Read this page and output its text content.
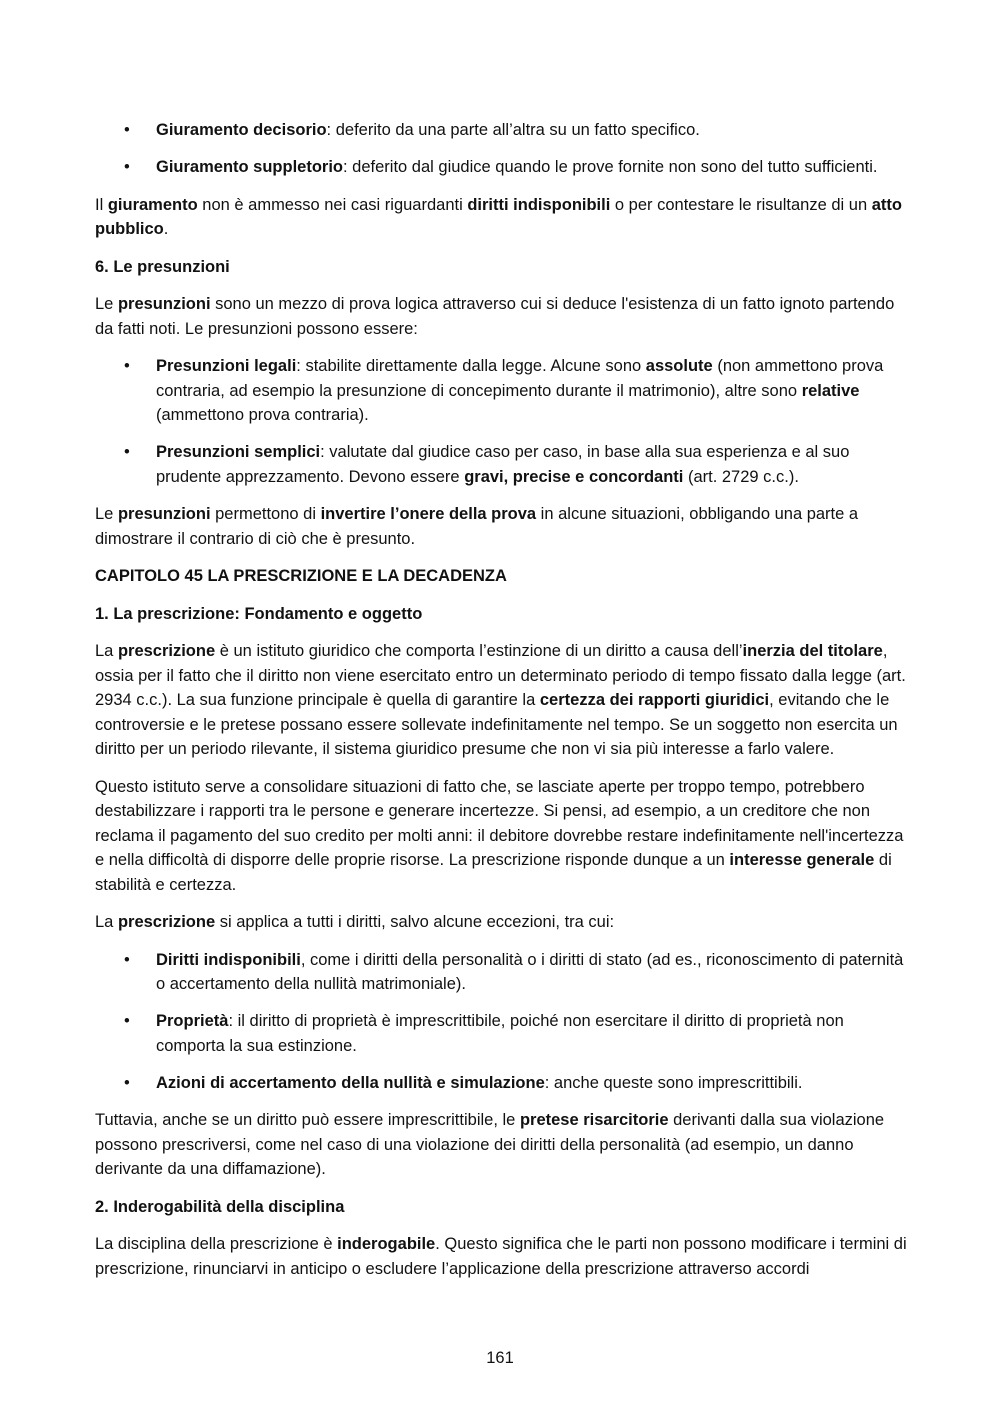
• Giuramento decisorio: deferito da una parte all’altra su un fatto specifico.
• Giuramento suppletorio: deferito dal giudice quando le prove fornite non sono del tutto sufficienti.

Il giuramento non è ammesso nei casi riguardanti diritti indisponibili o per contestare le risultanze di un atto pubblico.

6. Le presunzioni

Le presunzioni sono un mezzo di prova logica attraverso cui si deduce l'esistenza di un fatto ignoto partendo da fatti noti. Le presunzioni possono essere:

• Presunzioni legali: stabilite direttamente dalla legge. Alcune sono assolute (non ammettono prova contraria, ad esempio la presunzione di concepimento durante il matrimonio), altre sono relative (ammettono prova contraria).
• Presunzioni semplici: valutate dal giudice caso per caso, in base alla sua esperienza e al suo prudente apprezzamento. Devono essere gravi, precise e concordanti (art. 2729 c.c.).

Le presunzioni permettono di invertire l’onere della prova in alcune situazioni, obbligando una parte a dimostrare il contrario di ciò che è presunto.

CAPITOLO 45 LA PRESCRIZIONE E LA DECADENZA
1. La prescrizione: Fondamento e oggetto

La prescrizione è un istituto giuridico che comporta l’estinzione di un diritto a causa dell’inerzia del titolare, ossia per il fatto che il diritto non viene esercitato entro un determinato periodo di tempo fissato dalla legge (art. 2934 c.c.). La sua funzione principale è quella di garantire la certezza dei rapporti giuridici, evitando che le controversie e le pretese possano essere sollevate indefinitamente nel tempo. Se un soggetto non esercita un diritto per un periodo rilevante, il sistema giuridico presume che non vi sia più interesse a farlo valere.

Questo istituto serve a consolidare situazioni di fatto che, se lasciate aperte per troppo tempo, potrebbero destabilizzare i rapporti tra le persone e generare incertezze. Si pensi, ad esempio, a un creditore che non reclama il pagamento del suo credito per molti anni: il debitore dovrebbe restare indefinitamente nell'incertezza e nella difficoltà di disporre delle proprie risorse. La prescrizione risponde dunque a un interesse generale di stabilità e certezza.

La prescrizione si applica a tutti i diritti, salvo alcune eccezioni, tra cui:

• Diritti indisponibili, come i diritti della personalità o i diritti di stato (ad es., riconoscimento di paternità o accertamento della nullità matrimoniale).
• Proprietà: il diritto di proprietà è imprescrittibile, poiché non esercitare il diritto di proprietà non comporta la sua estinzione.
• Azioni di accertamento della nullità e simulazione: anche queste sono imprescrittibili.

Tuttavia, anche se un diritto può essere imprescrittibile, le pretese risarcitorie derivanti dalla sua violazione possono prescriversi, come nel caso di una violazione dei diritti della personalità (ad esempio, un danno derivante da una diffamazione).

2. Inderogabilità della disciplina

La disciplina della prescrizione è inderogabile. Questo significa che le parti non possono modificare i termini di prescrizione, rinunciarvi in anticipo o escludere l’applicazione della prescrizione attraverso accordi

161
